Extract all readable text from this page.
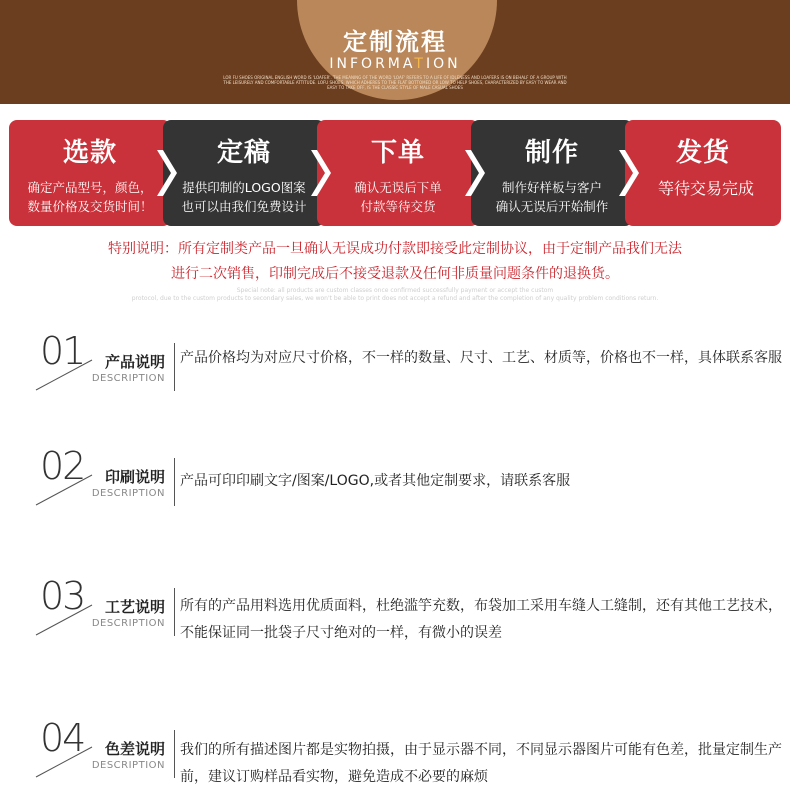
定制流程
INFORMATION
LOR FU SHOES ORIGINAL ENGLISH WORD IS 'LOAFER'. THE MEANING OF THE WORD 'LOAF' REFERS TO A LIFE OF IDLENESS AND LOAFERS IS ON BEHALF OF A GROUP WITH THE LEISURELY AND COMFORTABLE ATTITUDE. LOFU SHOES, WHICH ADHERES TO THE FLAT BOTTOMED OR LOW TO HELP SHOES, CHARACTERIZED BY EASY TO WEAR AND EASY TO TAKE OFF, IS THE CLASSIC STYLE OF MALE CASUAL SHOES
选款
确定产品型号，颜色，
数量价格及交货时间！
定稿
提供印制的LOGO图案
也可以由我们免费设计
下单
确认无误后下单
付款等待交货
制作
制作好样板与客户
确认无误后开始制作
发货
等待交易完成
特别说明：所有定制类产品一旦确认无误成功付款即接受此定制协议，由于定制产品我们无法
进行二次销售，印制完成后不接受退款及任何非质量问题条件的退换货。
Special note: all products are custom classes once confirmed successfully payment or accept the custom
protocol, due to the custom products to secondary sales, we won't be able to print does not accept a refund and after the completion of any quality problem conditions return.
01	产品说明
DESCRIPTION
产品价格均为对应尺寸价格，不一样的数量、尺寸、工艺、材质等，价格也不一样，具体联系客服
02	印刷说明
DESCRIPTION
产品可印印刷文字/图案/LOGO,或者其他定制要求，请联系客服
03	工艺说明
DESCRIPTION
所有的产品用料选用优质面料，杜绝滥竽充数，布袋加工采用车缝人工缝制，还有其他工艺技术，不能保证同一批袋子尺寸绝对的一样，有微小的误差
04	色差说明
DESCRIPTION
我们的所有描述图片都是实物拍摄，由于显示器不同，不同显示器图片可能有色差，批量定制生产前，建议订购样品看实物，避免造成不必要的麻烦
